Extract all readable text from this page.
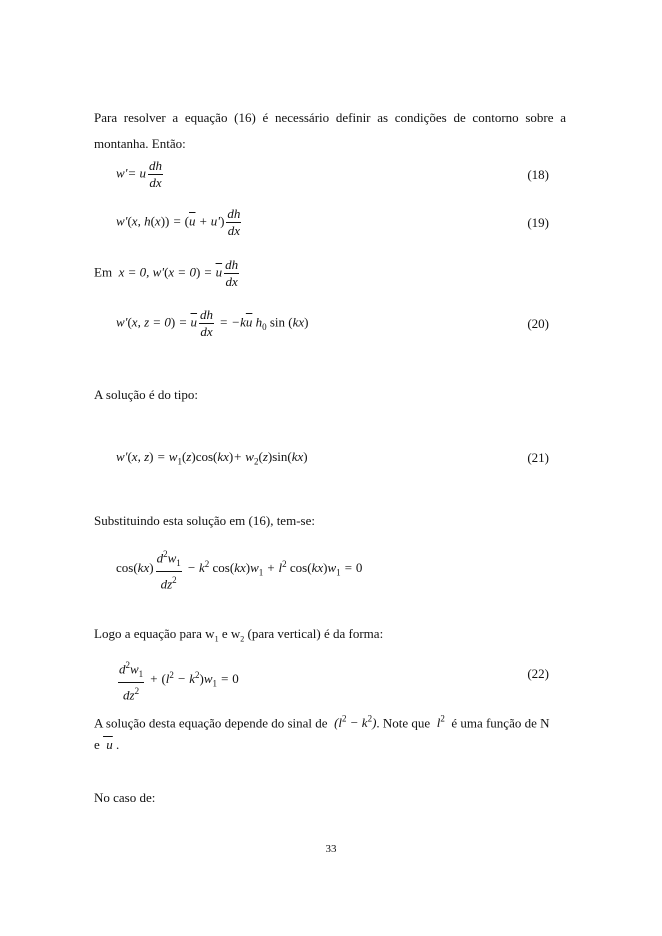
Para resolver a equação (16) é necessário definir as condições de contorno sobre a montanha. Então:
w'= u $\frac{dh}{dx}$	(18)
w'(x, $h(x)) = (\overline{u} + u') \frac{dh}{dx}$	(19)
Em  x = 0, $w'(x = 0) = \overline{u} \frac{dh}{dx}$
w'(x, $z = 0) = \overline{u} \frac{dh}{dx} = -k\overline{u}$ $h_0$ sin (kx)	(20)
A solução é do tipo:
w'(x, $z) = w_1(z)\cos(kx)+ w_2(z)\sin(kx)$	(21)
Substituindo esta solução em (16), tem-se:
$\cos(kx) \frac{d^2w_1}{dz^2} - k^2$ $\cos(kx)w_1 + l^2$ $\cos(kx)w_1 = 0$
Logo a equação para $w_1$ e $w_2$ (para vertical) é da forma:
$\frac{d^2w_1}{dz^2} + (l^2 - k^2)w_1 = 0$	(22)
A solução desta equação depende do sinal de  $(l^2 - k^2)$. Note que  $l^2$ é uma função de N
e  u .
No caso de:
33
